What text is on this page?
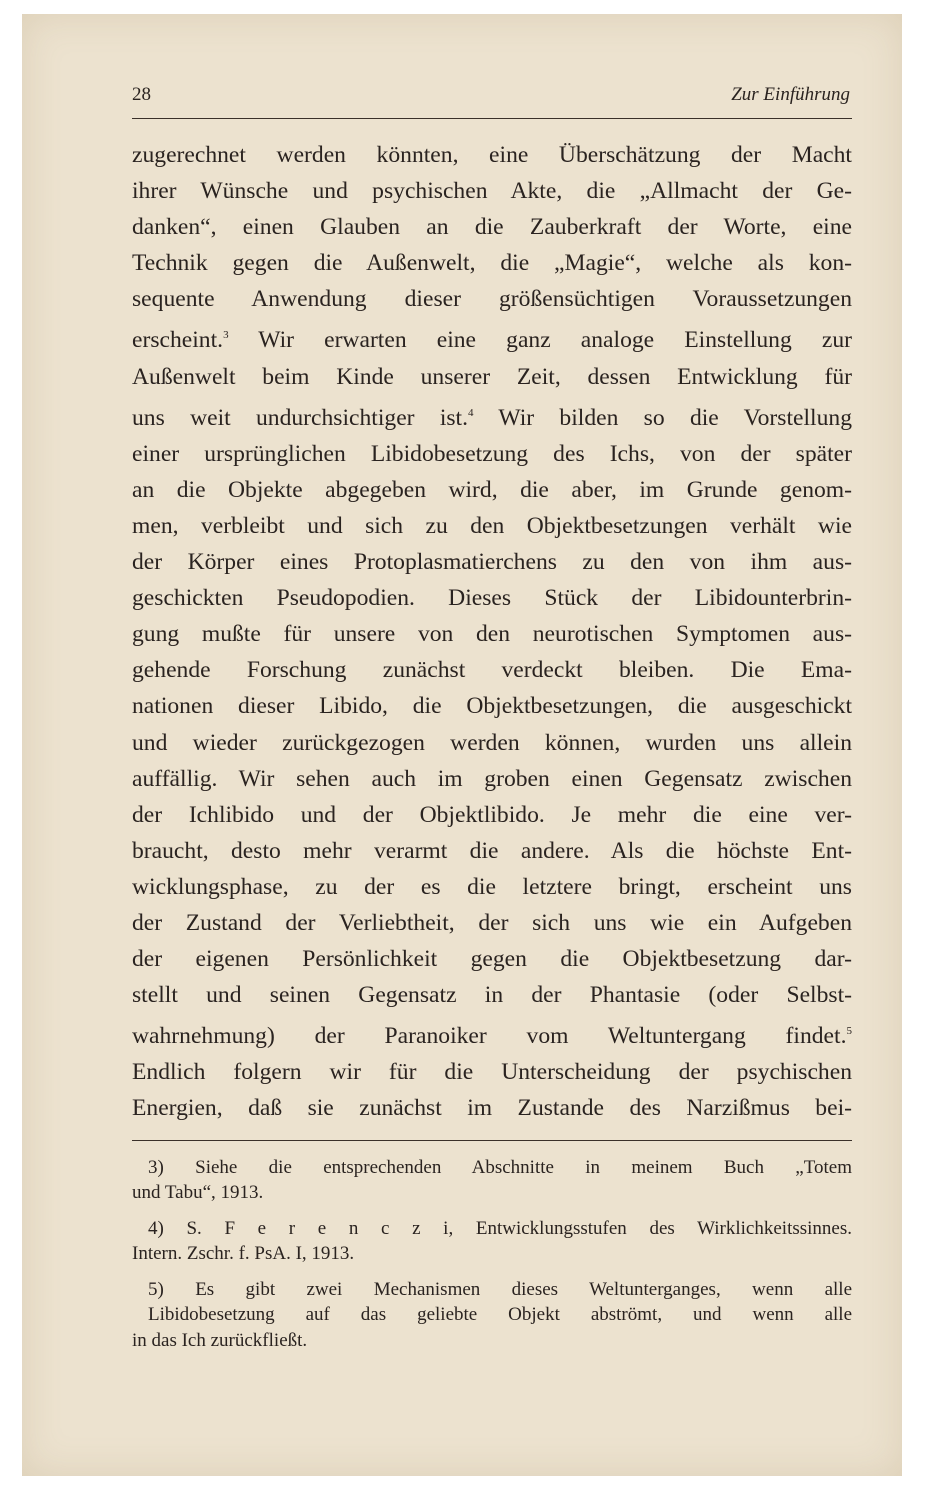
28	Zur Einführung

zugerechnet werden könnten, eine Überschätzung der Macht

ihrer Wünsche und psychischen Akte, die „Allmacht der Ge-

danken“, einen Glauben an die Zauberkraft der Worte, eine

Technik gegen die Außenwelt, die „Magie“, welche als kon-

sequente Anwendung dieser größensüchtigen Voraussetzungen

erscheint.$^3$ Wir erwarten eine ganz analoge Einstellung zur

Außenwelt beim Kinde unserer Zeit, dessen Entwicklung für

uns weit undurchsichtiger ist.$^4$ Wir bilden so die Vorstellung

einer ursprünglichen Libidobesetzung des Ichs, von der später

an die Objekte abgegeben wird, die aber, im Grunde genom-

men, verbleibt und sich zu den Objektbesetzungen verhält wie

der Körper eines Protoplasmatierchens zu den von ihm aus-

geschickten Pseudopodien. Dieses Stück der Libidounterbrin-

gung mußte für unsere von den neurotischen Symptomen aus-

gehende Forschung zunächst verdeckt bleiben. Die Ema-

nationen dieser Libido, die Objektbesetzungen, die ausgeschickt

und wieder zurückgezogen werden können, wurden uns allein

auffällig. Wir sehen auch im groben einen Gegensatz zwischen

der Ichlibido und der Objektlibido. Je mehr die eine ver-

braucht, desto mehr verarmt die andere. Als die höchste Ent-

wicklungsphase, zu der es die letztere bringt, erscheint uns

der Zustand der Verliebtheit, der sich uns wie ein Aufgeben

der eigenen Persönlichkeit gegen die Objektbesetzung dar-

stellt und seinen Gegensatz in der Phantasie (oder Selbst-

wahrnehmung) der Paranoiker vom Weltuntergang findet.$^5$

Endlich folgern wir für die Unterscheidung der psychischen

Energien, daß sie zunächst im Zustande des Narzißmus bei-

3) Siehe die entsprechenden Abschnitte in meinem Buch „Totem

und Tabu“, 1913.

4) S. F e r e n c z i, Entwicklungsstufen des Wirklichkeitssinnes.

Intern. Zschr. f. PsA. I, 1913.

5) Es gibt zwei Mechanismen dieses Weltunterganges, wenn alle

Libidobesetzung auf das geliebte Objekt abströmt, und wenn alle

in das Ich zurückfließt.
